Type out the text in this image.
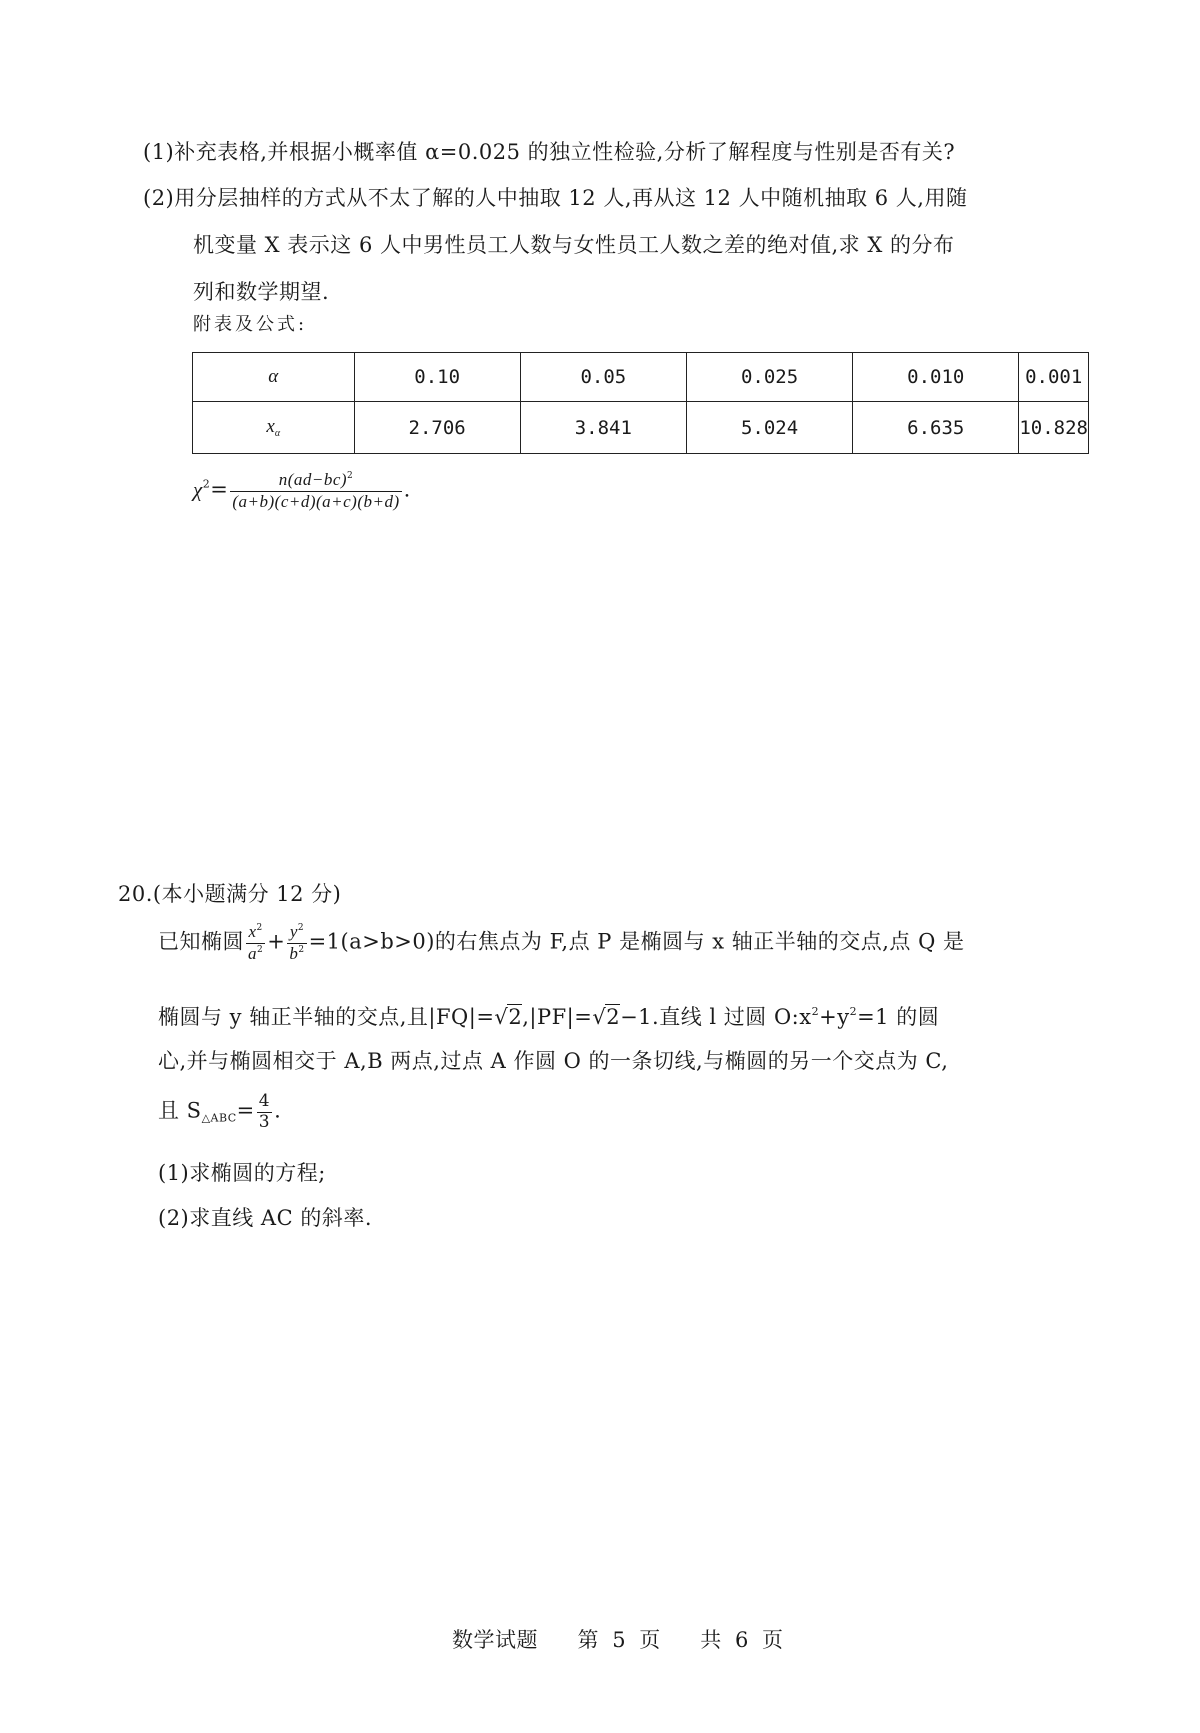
(1)补充表格,并根据小概率值 α=0.025 的独立性检验,分析了解程度与性别是否有关?
(2)用分层抽样的方式从不太了解的人中抽取 12 人,再从这 12 人中随机抽取 6 人,用随
机变量 X 表示这 6 人中男性员工人数与女性员工人数之差的绝对值,求 X 的分布
列和数学期望.
附表及公式:
α	0.10	0.05	0.025	0.010	0.001
$x_\alpha$	2.706	3.841	5.024	6.635	10.828
$\chi^2= \frac{n(ad-bc)^2}{(a+b)(c+d)(a+c)(b+d)}$ .
20.(本小题满分 12 分)
已知椭圆 $\frac{x^2}{a^2} + \frac{y^2}{b^2} =1(a>b>0)$的右焦点为 F,点 P 是椭圆与 x 轴正半轴的交点,点 Q 是
椭圆与 y 轴正半轴的交点,且|FQ|=√2,|PF|=√2−1.直线 l 过圆 $O:x^2+y^2=1$ 的圆
心,并与椭圆相交于 A,B 两点,过点 A 作圆 O 的一条切线,与椭圆的另一个交点为 C,
且 $S_{\triangle ABC}= \frac{4}{3}$ .
(1)求椭圆的方程;
(2)求直线 AC 的斜率.
数学试题 第 5 页 共 6 页
